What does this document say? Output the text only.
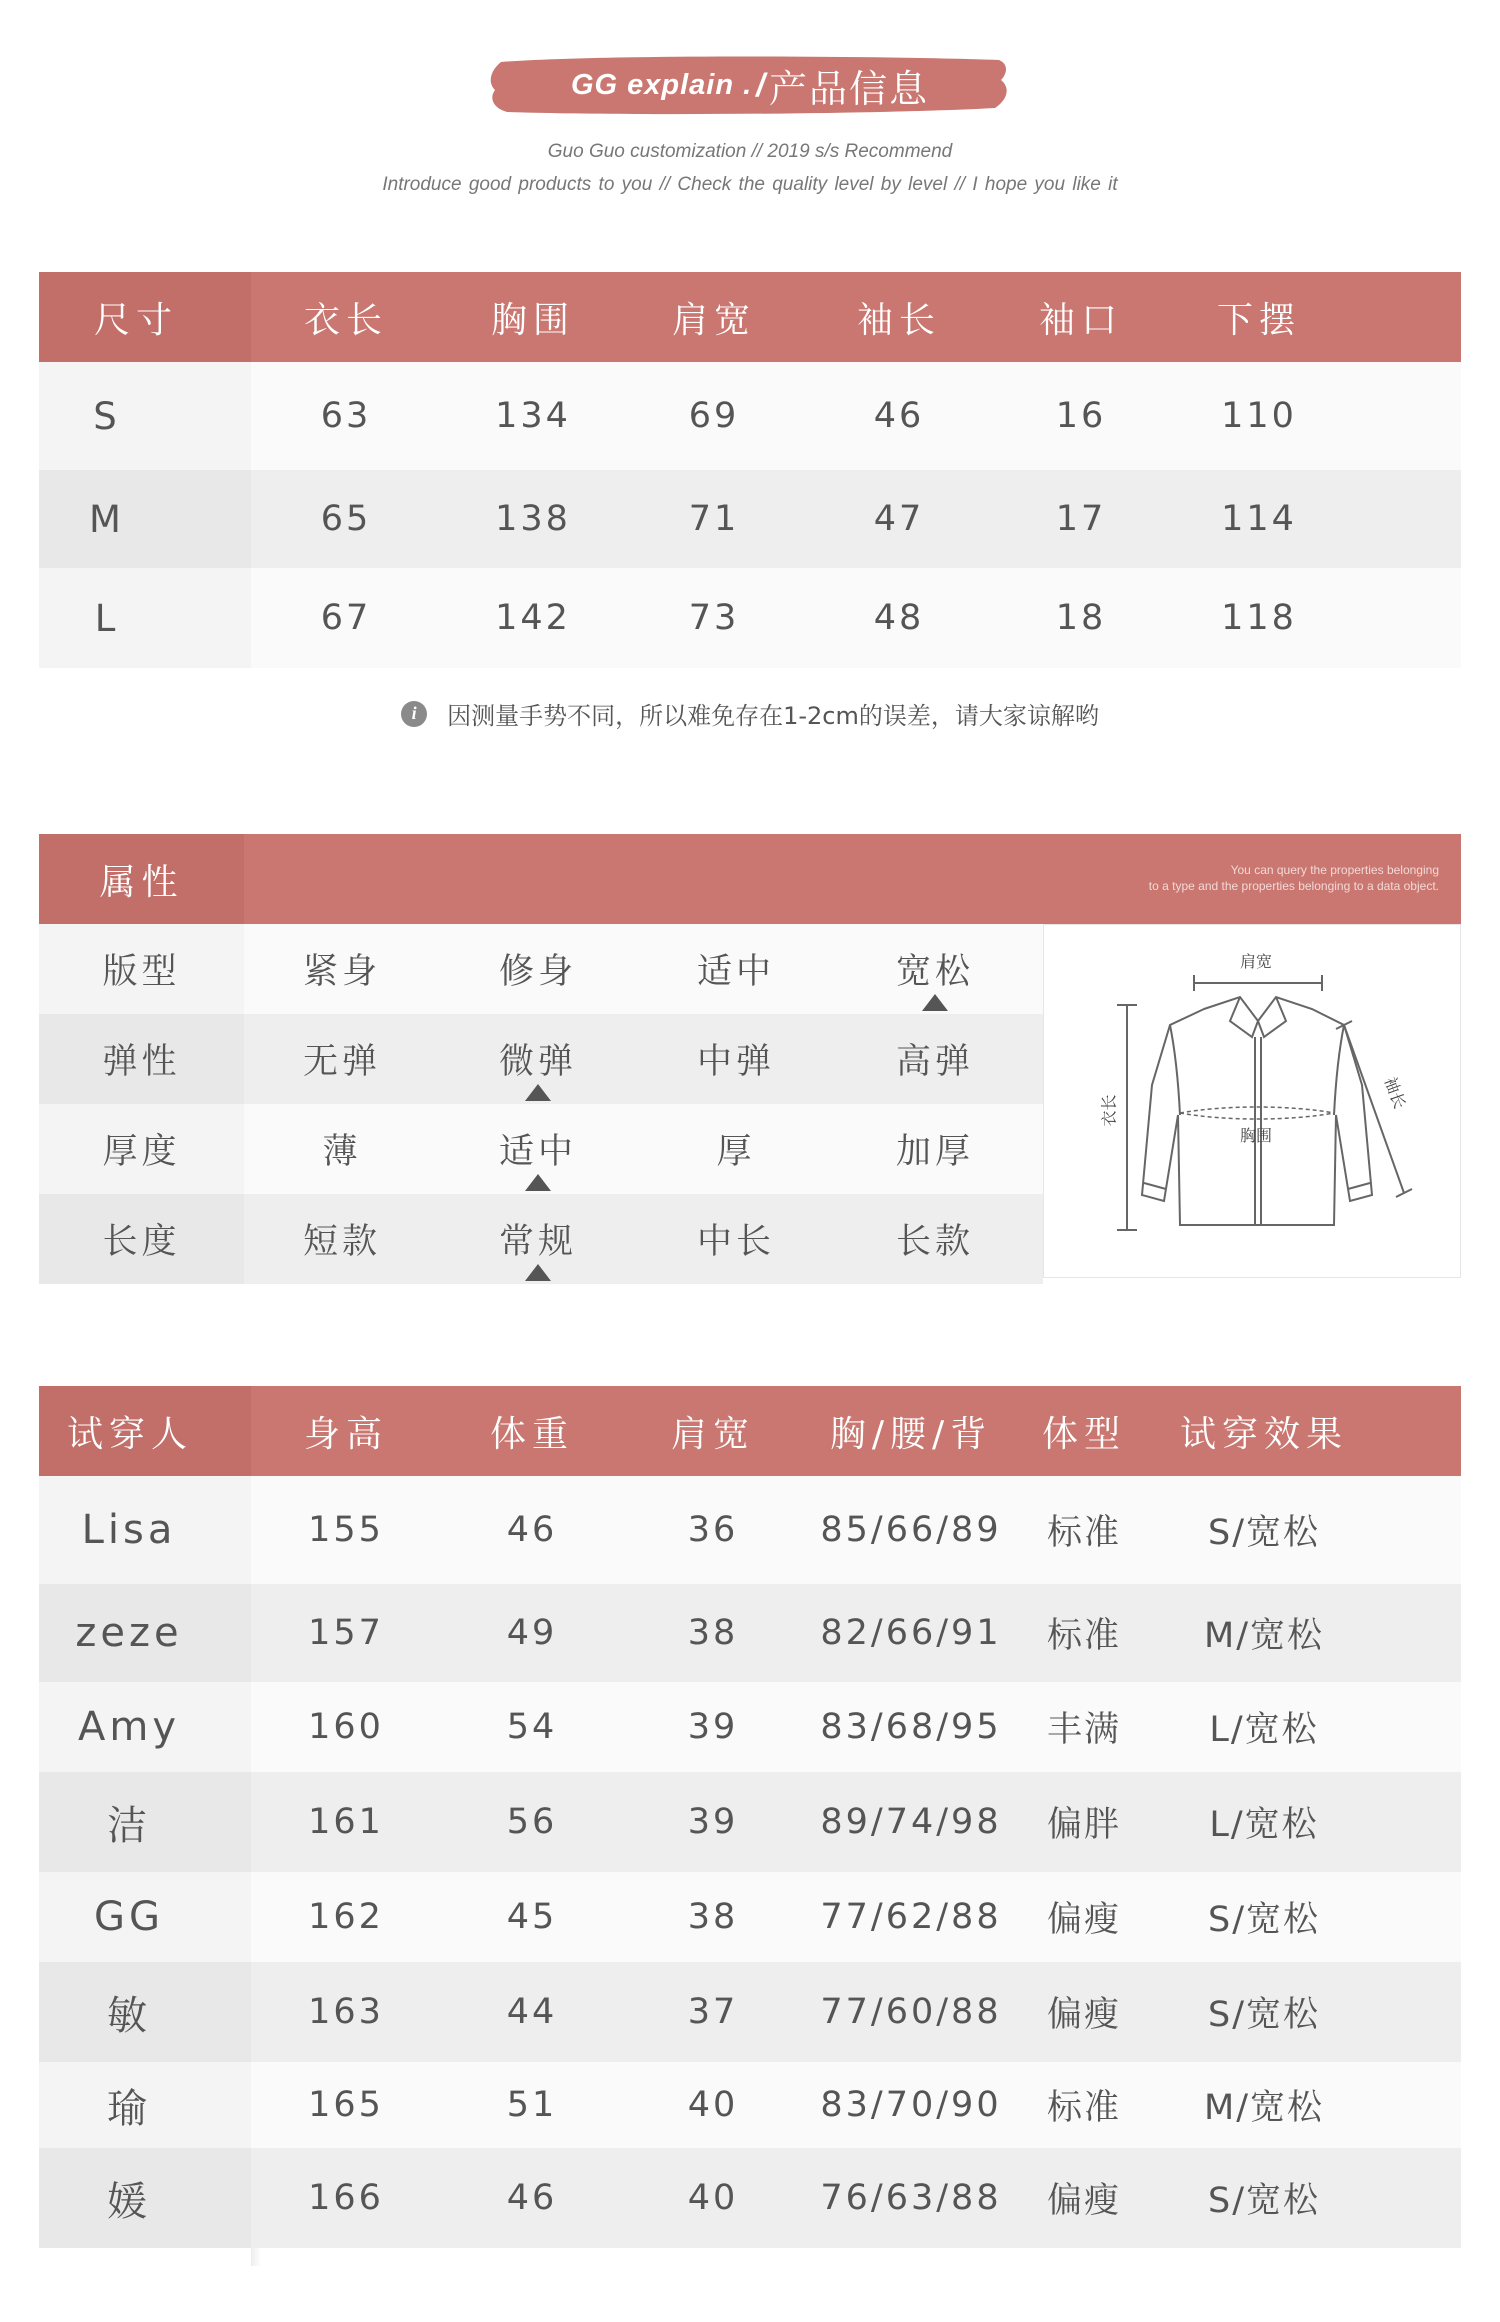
GG explain . / 产品信息
Guo Guo customization // 2019 s/s Recommend
Introduce good products to you // Check the quality level by level // I hope you like it
尺寸	衣长	胸围	肩宽	袖长	袖口	下摆
S	63	134	69	46	16	110
M	65	138	71	47	17	114
L	67	142	73	48	18	118
i	因测量手势不同，所以难免存在1-2cm的误差，请大家谅解哟
属性	You can query the properties belonging
to a type and the properties belonging to a data object.
肩宽
衣长
胸围
袖长
版型	紧身	修身	适中	宽松
弹性	无弹	微弹	中弹	高弹
厚度	薄	适中	厚	加厚
长度	短款	常规	中长	长款
试穿人	身高	体重	肩宽	胸/腰/背	体型	试穿效果
Lisa	155	46	36	85/66/89	标准	S/宽松
zeze	157	49	38	82/66/91	标准	M/宽松
Amy	160	54	39	83/68/95	丰满	L/宽松
洁	161	56	39	89/74/98	偏胖	L/宽松
GG	162	45	38	77/62/88	偏瘦	S/宽松
敏	163	44	37	77/60/88	偏瘦	S/宽松
瑜	165	51	40	83/70/90	标准	M/宽松
媛	166	46	40	76/63/88	偏瘦	S/宽松
